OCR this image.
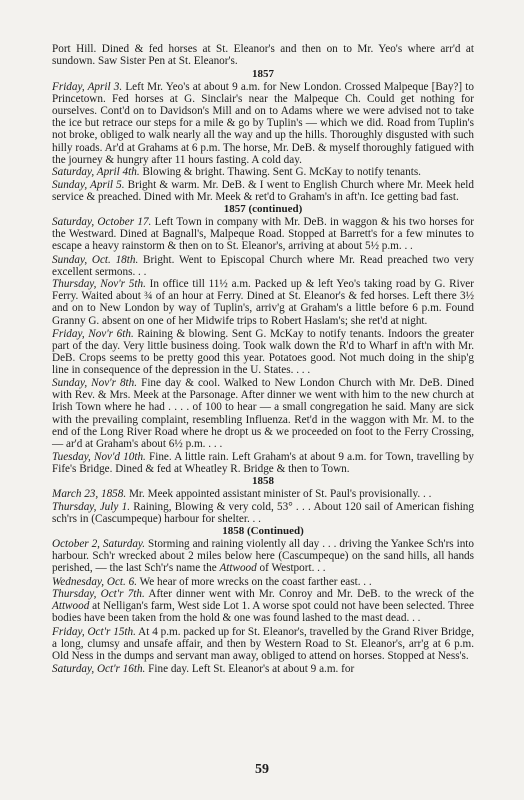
Port Hill. Dined & fed horses at St. Eleanor's and then on to Mr. Yeo's where arr'd at sundown. Saw Sister Pen at St. Eleanor's.

1857

Friday, April 3. Left Mr. Yeo's at about 9 a.m. for New London. Crossed Malpeque [Bay?] to Princetown. Fed horses at G. Sinclair's near the Malpeque Ch. Could get nothing for ourselves. Cont'd on to Davidson's Mill and on to Adams where we were advised not to take the ice but retrace our steps for a mile & go by Tuplin's — which we did. Road from Tuplin's not broke, obliged to walk nearly all the way and up the hills. Thoroughly disgusted with such hilly roads. Ar'd at Grahams at 6 p.m. The horse, Mr. DeB. & myself thoroughly fatigued with the journey & hungry after 11 hours fasting. A cold day.

Saturday, April 4th. Blowing & bright. Thawing. Sent G. McKay to notify tenants.

Sunday, April 5. Bright & warm. Mr. DeB. & I went to English Church where Mr. Meek held service & preached. Dined with Mr. Meek & ret'd to Graham's in aft'n. Ice getting bad fast.

1857 (continued)

Saturday, October 17. Left Town in company with Mr. DeB. in waggon & his two horses for the Westward. Dined at Bagnall's, Malpeque Road. Stopped at Barrett's for a few minutes to escape a heavy rainstorm & then on to St. Eleanor's, arriving at about 5½ p.m. . .

Sunday, Oct. 18th. Bright. Went to Episcopal Church where Mr. Read preached two very excellent sermons. . .

Thursday, Nov'r 5th. In office till 11½ a.m. Packed up & left Yeo's taking road by G. River Ferry. Waited about ¾ of an hour at Ferry. Dined at St. Eleanor's & fed horses. Left there 3½ and on to New London by way of Tuplin's, arriv'g at Graham's a little before 6 p.m. Found Granny G. absent on one of her Midwife trips to Robert Haslam's; she ret'd at night.

Friday, Nov'r 6th. Raining & blowing. Sent G. McKay to notify tenants. Indoors the greater part of the day. Very little business doing. Took walk down the R'd to Wharf in aft'n with Mr. DeB. Crops seems to be pretty good this year. Potatoes good. Not much doing in the ship'g line in consequence of the depression in the U. States. . . .

Sunday, Nov'r 8th. Fine day & cool. Walked to New London Church with Mr. DeB. Dined with Rev. & Mrs. Meek at the Parsonage. After dinner we went with him to the new church at Irish Town where he had . . . . of 100 to hear — a small congregation he said. Many are sick with the prevailing complaint, resembling Influenza. Ret'd in the waggon with Mr. M. to the end of the Long River Road where he dropt us & we proceeded on foot to the Ferry Crossing, — ar'd at Graham's about 6½ p.m. . . .

Tuesday, Nov'd 10th. Fine. A little rain. Left Graham's at about 9 a.m. for Town, travelling by Fife's Bridge. Dined & fed at Wheatley R. Bridge & then to Town.

1858

March 23, 1858. Mr. Meek appointed assistant minister of St. Paul's provisionally. . .

Thursday, July 1. Raining, Blowing & very cold, 53° . . . About 120 sail of American fishing sch'rs in (Cascumpeque) harbour for shelter. . .

1858 (Continued)

October 2, Saturday. Storming and raining violently all day . . . driving the Yankee Sch'rs into harbour. Sch'r wrecked about 2 miles below here (Cascumpeque) on the sand hills, all hands perished, — the last Sch'r's name the Attwood of Westport. . .

Wednesday, Oct. 6. We hear of more wrecks on the coast farther east. . .

Thursday, Oct'r 7th. After dinner went with Mr. Conroy and Mr. DeB. to the wreck of the Attwood at Nelligan's farm, West side Lot 1. A worse spot could not have been selected. Three bodies have been taken from the hold & one was found lashed to the mast dead. . .

Friday, Oct'r 15th. At 4 p.m. packed up for St. Eleanor's, travelled by the Grand River Bridge, a long, clumsy and unsafe affair, and then by Western Road to St. Eleanor's, arr'g at 6 p.m. Old Ness in the dumps and servant man away, obliged to attend on horses. Stopped at Ness's.

Saturday, Oct'r 16th. Fine day. Left St. Eleanor's at about 9 a.m. for

59
